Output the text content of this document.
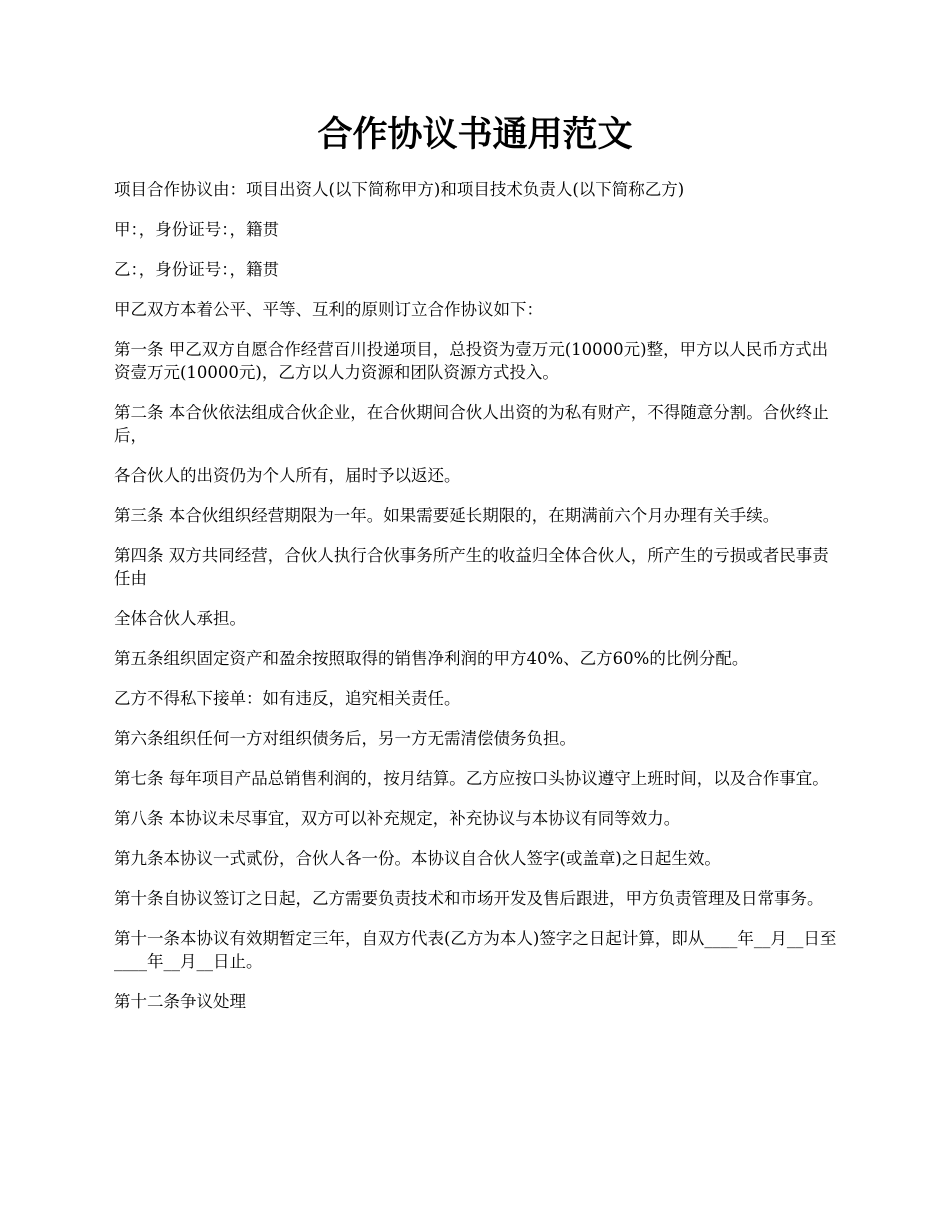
合作协议书通用范文

项目合作协议由：项目出资人(以下简称甲方)和项目技术负责人(以下简称乙方)

甲：，身份证号：，籍贯

乙：，身份证号：，籍贯

甲乙双方本着公平、平等、互利的原则订立合作协议如下：

第一条 甲乙双方自愿合作经营百川投递项目，总投资为壹万元(10000元)整，甲方以人民币方式出资壹万元(10000元)，乙方以人力资源和团队资源方式投入。

第二条 本合伙依法组成合伙企业，在合伙期间合伙人出资的为私有财产，不得随意分割。合伙终止后，

各合伙人的出资仍为个人所有，届时予以返还。

第三条 本合伙组织经营期限为一年。如果需要延长期限的，在期满前六个月办理有关手续。

第四条 双方共同经营，合伙人执行合伙事务所产生的收益归全体合伙人，所产生的亏损或者民事责任由

全体合伙人承担。

第五条组织固定资产和盈余按照取得的销售净利润的甲方40%、乙方60%的比例分配。

乙方不得私下接单：如有违反，追究相关责任。

第六条组织任何一方对组织债务后，另一方无需清偿债务负担。

第七条 每年项目产品总销售利润的，按月结算。乙方应按口头协议遵守上班时间，以及合作事宜。

第八条 本协议未尽事宜，双方可以补充规定，补充协议与本协议有同等效力。

第九条本协议一式贰份，合伙人各一份。本协议自合伙人签字(或盖章)之日起生效。

第十条自协议签订之日起，乙方需要负责技术和市场开发及售后跟进，甲方负责管理及日常事务。

第十一条本协议有效期暂定三年，自双方代表(乙方为本人)签字之日起计算，即从____年__月__日至____年__月__日止。

第十二条争议处理
